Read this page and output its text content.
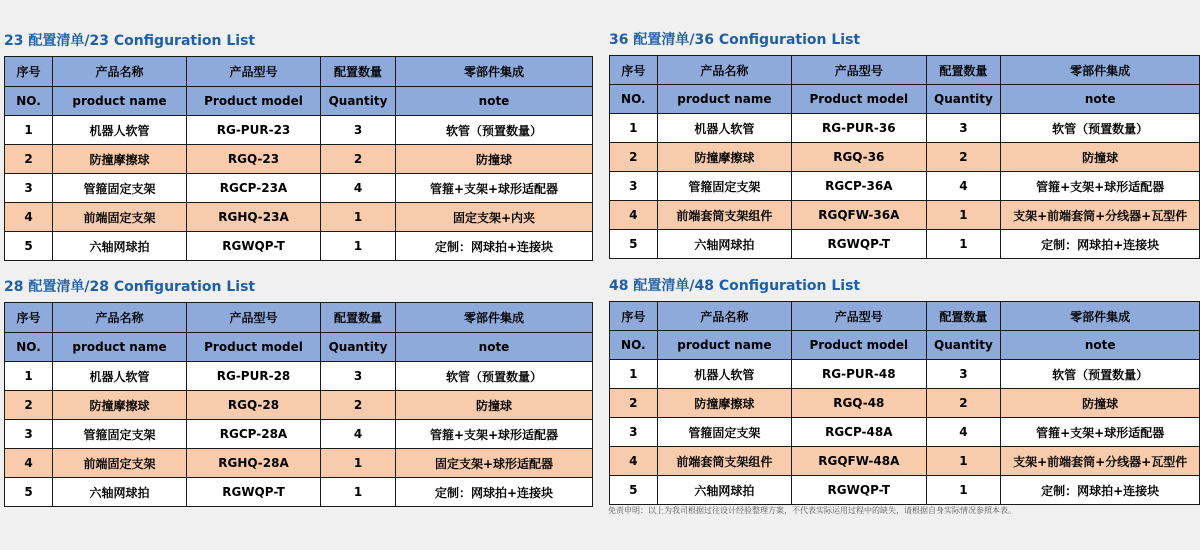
23 配置清单/23 Configuration List
序号	产品名称	产品型号	配置数量	零部件集成
NO.	product name	Product model	Quantity	note
1	机器人软管	RG-PUR-23	3	软管（预置数量）
2	防撞摩擦球	RGQ-23	2	防撞球
3	管箍固定支架	RGCP-23A	4	管箍+支架+球形适配器
4	前端固定支架	RGHQ-23A	1	固定支架+内夹
5	六轴网球拍	RGWQP-T	1	定制：网球拍+连接块
36 配置清单/36 Configuration List
序号	产品名称	产品型号	配置数量	零部件集成
NO.	product name	Product model	Quantity	note
1	机器人软管	RG-PUR-36	3	软管（预置数量）
2	防撞摩擦球	RGQ-36	2	防撞球
3	管箍固定支架	RGCP-36A	4	管箍+支架+球形适配器
4	前端套筒支架组件	RGQFW-36A	1	支架+前端套筒+分线器+瓦型件
5	六轴网球拍	RGWQP-T	1	定制：网球拍+连接块
28 配置清单/28 Configuration List
序号	产品名称	产品型号	配置数量	零部件集成
NO.	product name	Product model	Quantity	note
1	机器人软管	RG-PUR-28	3	软管（预置数量）
2	防撞摩擦球	RGQ-28	2	防撞球
3	管箍固定支架	RGCP-28A	4	管箍+支架+球形适配器
4	前端固定支架	RGHQ-28A	1	固定支架+球形适配器
5	六轴网球拍	RGWQP-T	1	定制：网球拍+连接块
48 配置清单/48 Configuration List
序号	产品名称	产品型号	配置数量	零部件集成
NO.	product name	Product model	Quantity	note
1	机器人软管	RG-PUR-48	3	软管（预置数量）
2	防撞摩擦球	RGQ-48	2	防撞球
3	管箍固定支架	RGCP-48A	4	管箍+支架+球形适配器
4	前端套筒支架组件	RGQFW-48A	1	支架+前端套筒+分线器+瓦型件
5	六轴网球拍	RGWQP-T	1	定制：网球拍+连接块
免责申明：以上为我司根据过往设计经验整理方案，不代表实际运用过程中的缺失，请根据自身实际情况参照本表。
